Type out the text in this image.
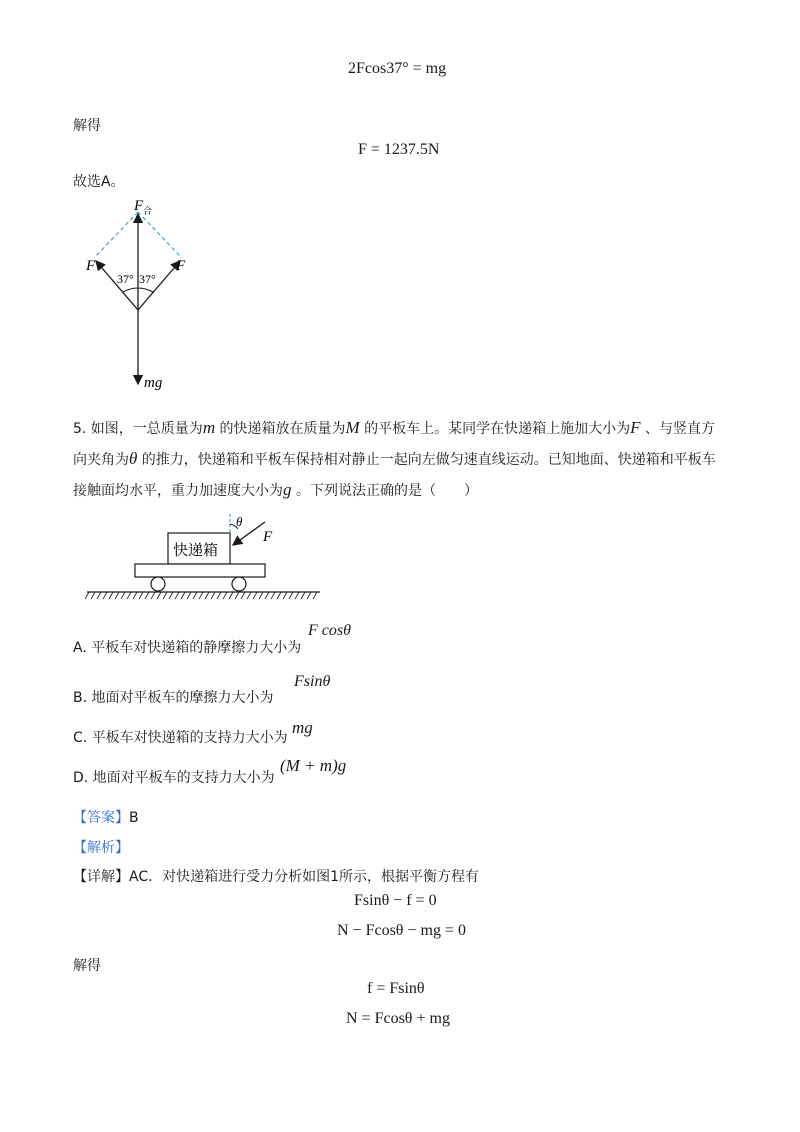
2Fcos37° = mg
解得
F = 1237.5N
故选A。
F 合
F	F
37° 37°
mg
5. 如图，一总质量为m 的快递箱放在质量为M 的平板车上。某同学在快递箱上施加大小为F 、与竖直方
向夹角为θ 的推力，快递箱和平板车保持相对静止一起向左做匀速直线运动。已知地面、快递箱和平板车
接触面均水平，重力加速度大小为g 。下列说法正确的是（　　）
快递箱
θ
F
A. 平板车对快递箱的静摩擦力大小为
F cosθ
B. 地面对平板车的摩擦力大小为
Fsinθ
C. 平板车对快递箱的支持力大小为
mg
D. 地面对平板车的支持力大小为
(M + m)g
【答案】B
【解析】
【详解】AC．对快递箱进行受力分析如图1所示，根据平衡方程有
Fsinθ − f = 0
N − Fcosθ − mg = 0
解得
f = Fsinθ
N = Fcosθ + mg
